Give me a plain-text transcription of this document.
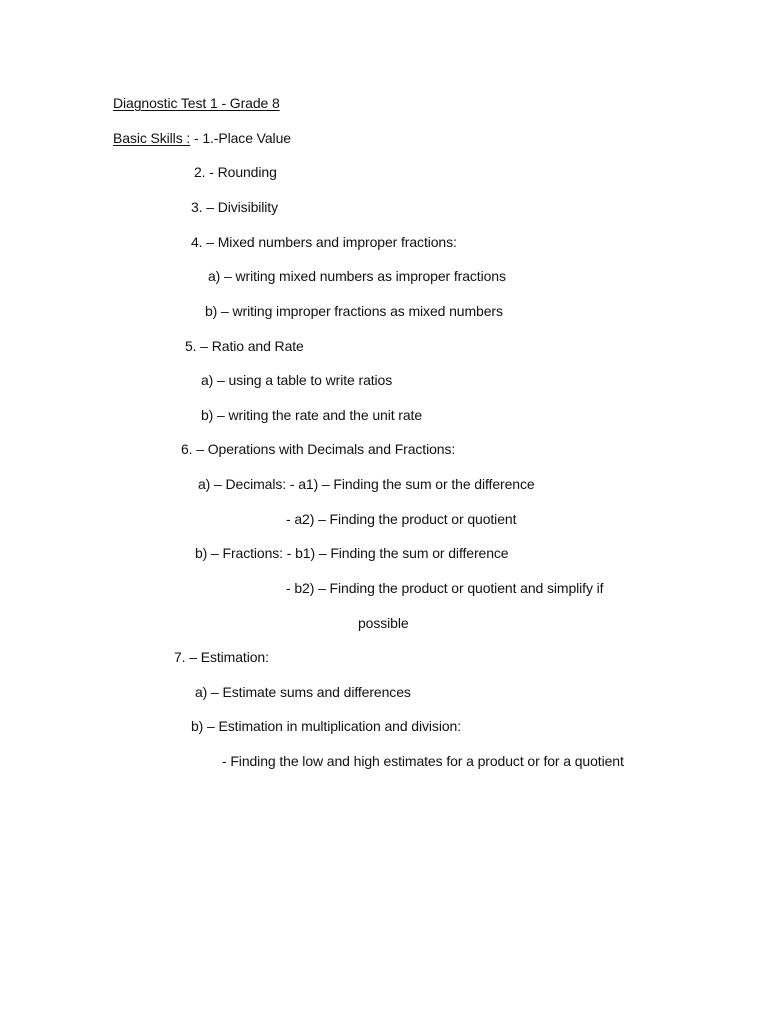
Diagnostic Test 1 - Grade 8
Basic Skills : - 1.-Place Value
2. - Rounding
3. – Divisibility
4. – Mixed numbers and improper fractions:
a) – writing mixed numbers as improper fractions
b) – writing improper fractions as mixed numbers
5. – Ratio and Rate
a) – using a table to write ratios
b) – writing the rate and the unit rate
6. – Operations with Decimals and Fractions:
a) – Decimals: - a1) – Finding the sum or the difference
- a2) – Finding the product or quotient
b) – Fractions: - b1) – Finding the sum or difference
- b2) – Finding the product or quotient and simplify if
possible
7. – Estimation:
a) – Estimate sums and differences
b) – Estimation in multiplication and division:
- Finding the low and high estimates for a product or for a quotient
